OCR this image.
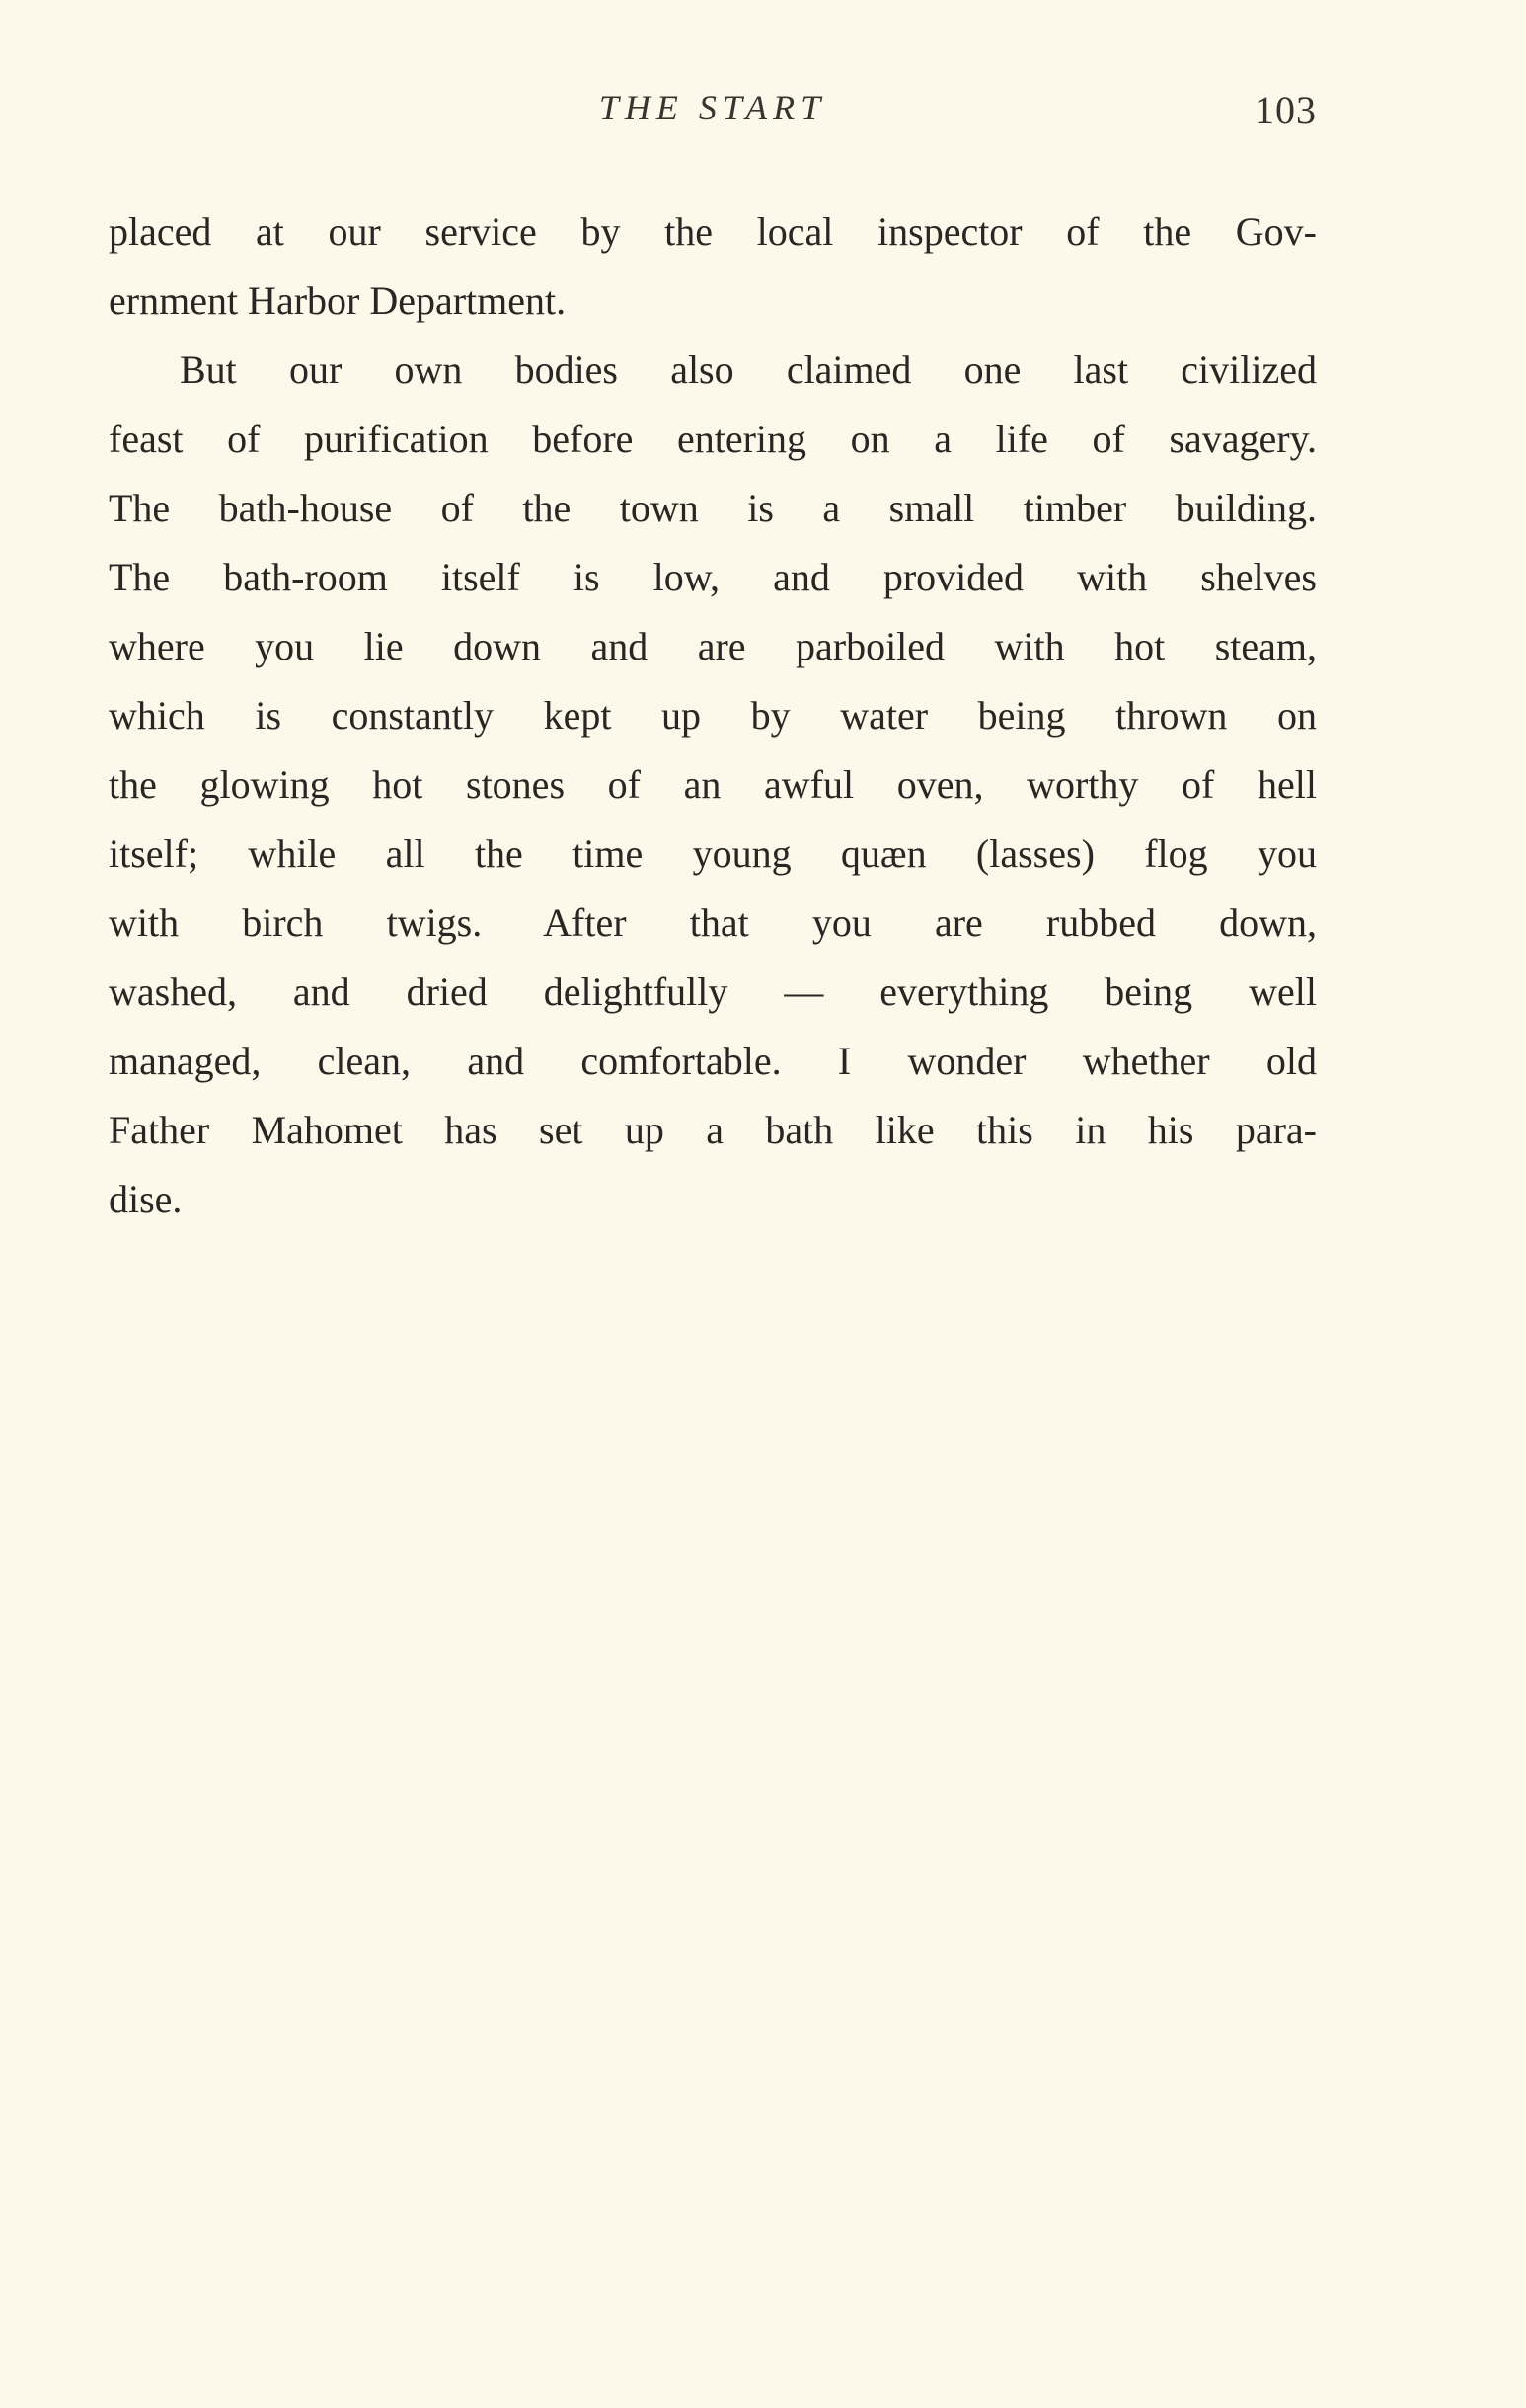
THE START	103
placed at our service by the local inspector of the Gov-
ernment Harbor Department.
But our own bodies also claimed one last civilized
feast of purification before entering on a life of savagery.
The bath-house of the town is a small timber building.
The bath-room itself is low, and provided with shelves
where you lie down and are parboiled with hot steam,
which is constantly kept up by water being thrown on
the glowing hot stones of an awful oven, worthy of hell
itself; while all the time young quæn (lasses) flog you
with birch twigs. After that you are rubbed down,
washed, and dried delightfully — everything being well
managed, clean, and comfortable. I wonder whether old
Father Mahomet has set up a bath like this in his para-
dise.
